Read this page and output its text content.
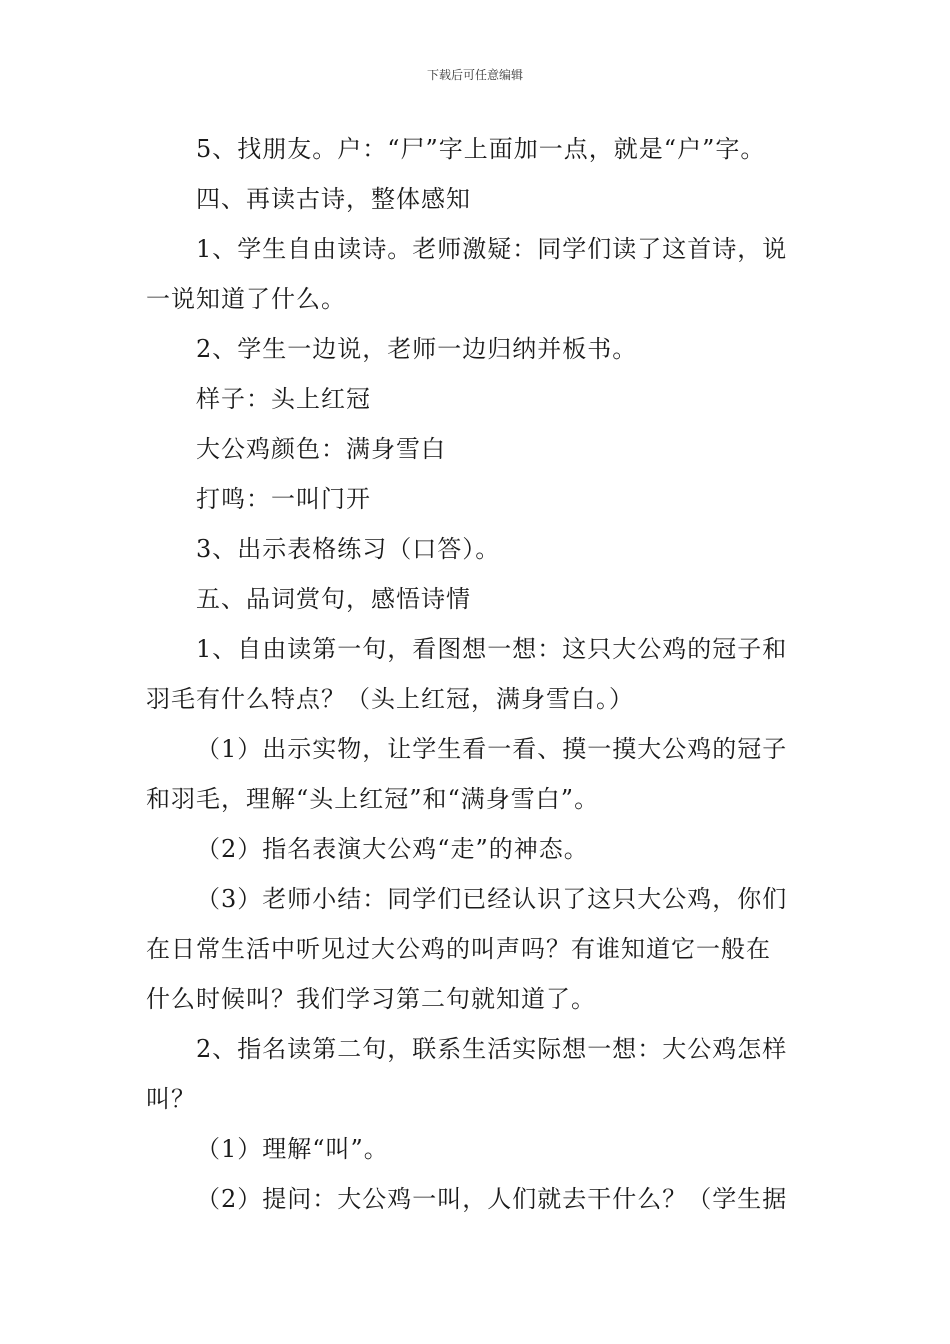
下载后可任意编辑
5、找朋友。户：“尸”字上面加一点，就是“户”字。
四、再读古诗，整体感知
1、学生自由读诗。老师激疑：同学们读了这首诗，说
一说知道了什么。
2、学生一边说，老师一边归纳并板书。
样子：头上红冠
大公鸡颜色：满身雪白
打鸣：一叫门开
3、出示表格练习（口答）。
五、品词赏句，感悟诗情
1、自由读第一句，看图想一想：这只大公鸡的冠子和
羽毛有什么特点？（头上红冠，满身雪白。）
（1）出示实物，让学生看一看、摸一摸大公鸡的冠子
和羽毛，理解“头上红冠”和“满身雪白”。
（2）指名表演大公鸡“走”的神态。
（3）老师小结：同学们已经认识了这只大公鸡，你们
在日常生活中听见过大公鸡的叫声吗？有谁知道它一般在
什么时候叫？我们学习第二句就知道了。
2、指名读第二句，联系生活实际想一想：大公鸡怎样
叫？
（1）理解“叫”。
（2）提问：大公鸡一叫，人们就去干什么？（学生据
